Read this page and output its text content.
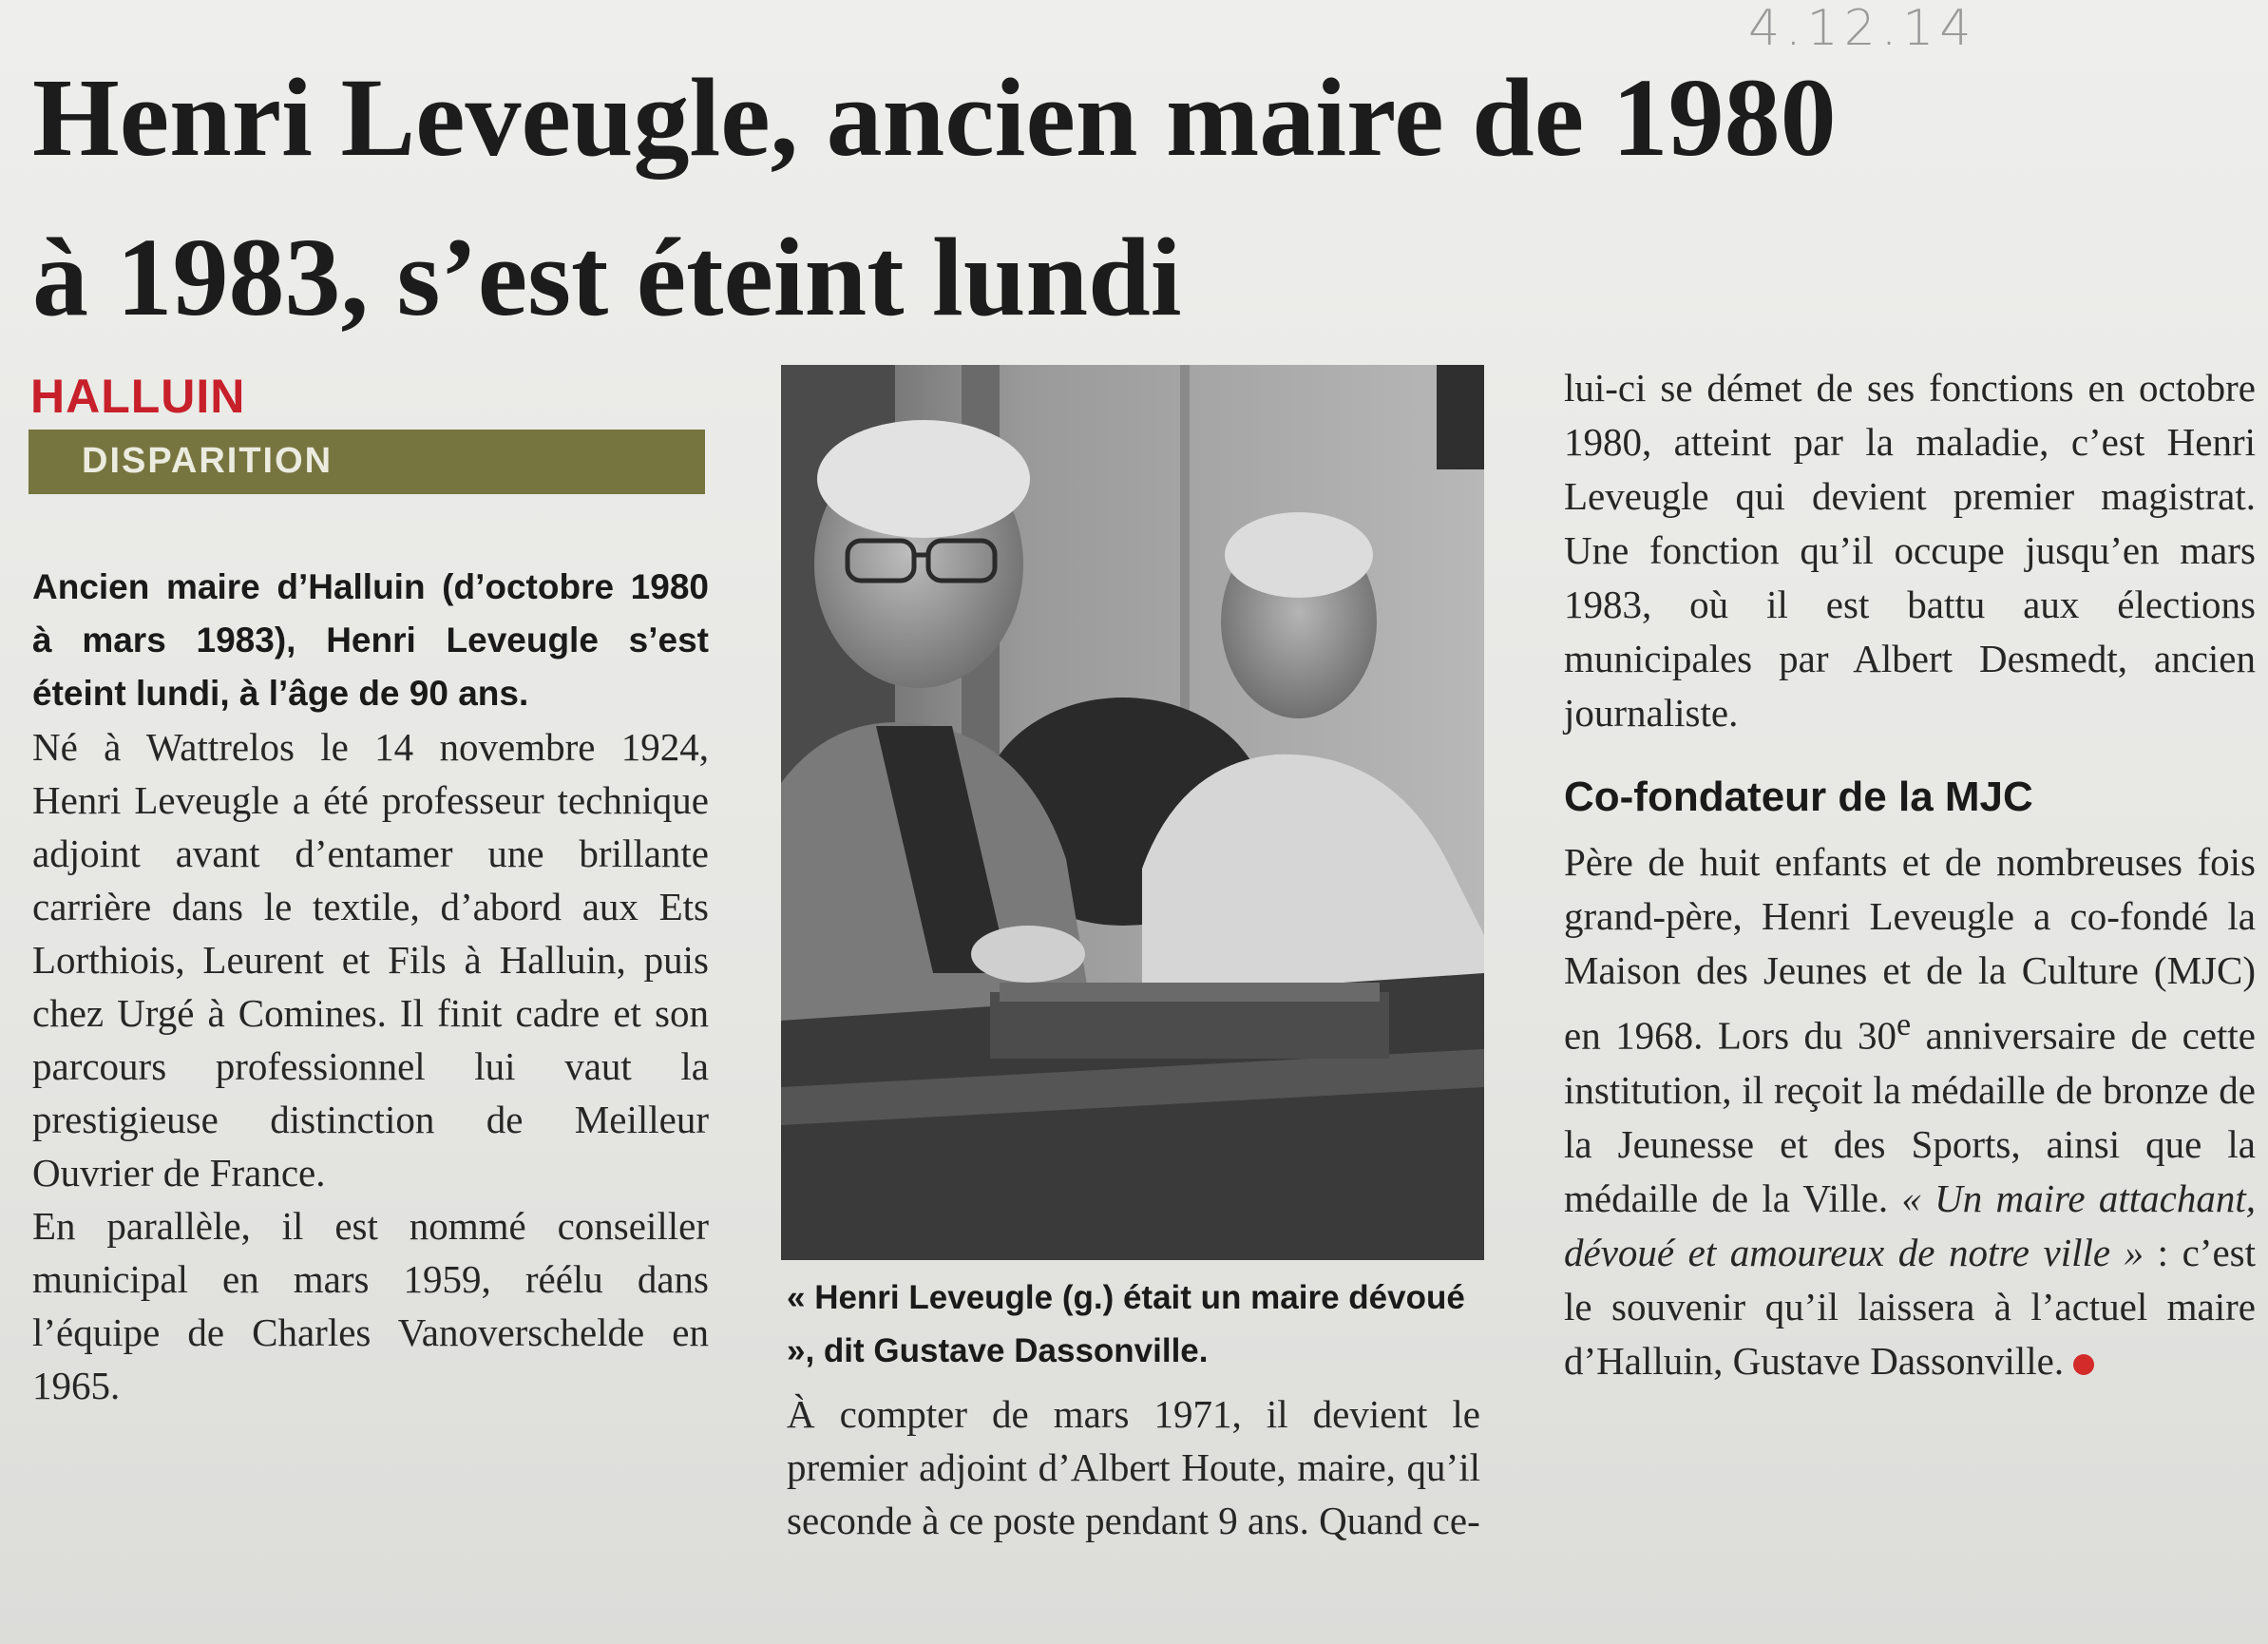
4.12.14
Henri Leveugle, ancien maire de 1980
à 1983, s’est éteint lundi
HALLUIN
DISPARITION

Ancien maire d’Halluin (d’octobre 1980 à mars 1983), Henri Leveugle s’est éteint lundi, à l’âge de 90 ans.

Né à Wattrelos le 14 novembre 1924, Henri Leveugle a été professeur technique adjoint avant d’entamer une brillante carrière dans le textile, d’abord aux Ets Lorthiois, Leurent et Fils à Halluin, puis chez Urgé à Comines. Il finit cadre et son parcours professionnel lui vaut la prestigieuse distinction de Meilleur Ouvrier de France.

En parallèle, il est nommé conseiller municipal en mars 1959, réélu dans l’équipe de Charles Vanoverschelde en 1965.

« Henri Leveugle (g.) était un maire dévoué », dit Gustave Dassonville.

À compter de mars 1971, il devient le premier adjoint d’Albert Houte, maire, qu’il seconde à ce poste pendant 9 ans. Quand ce-

lui-ci se démet de ses fonctions en octobre 1980, atteint par la maladie, c’est Henri Leveugle qui devient premier magistrat. Une fonction qu’il occupe jusqu’en mars 1983, où il est battu aux élections municipales par Albert Desmedt, ancien journaliste.

Co-fondateur de la MJC

Père de huit enfants et de nombreuses fois grand-père, Henri Leveugle a co-fondé la Maison des Jeunes et de la Culture (MJC) en 1968. Lors du 30e anniversaire de cette institution, il reçoit la médaille de bronze de la Jeunesse et des Sports, ainsi que la médaille de la Ville. « Un maire attachant, dévoué et amoureux de notre ville » : c’est le souvenir qu’il laissera à l’actuel maire d’Halluin, Gustave Dassonville.
